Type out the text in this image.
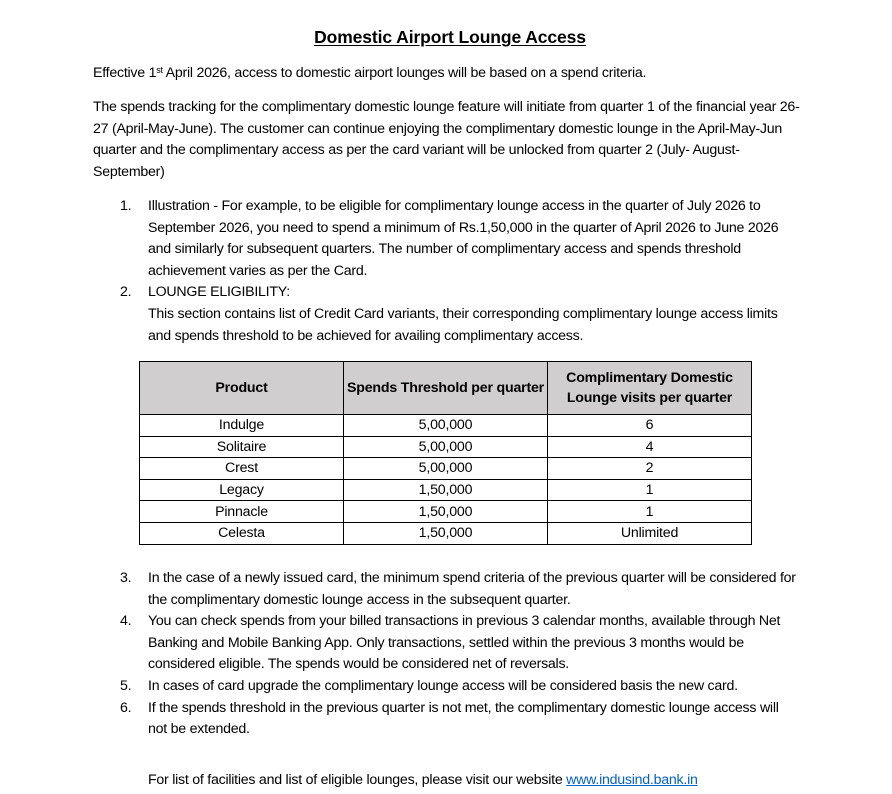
Domestic Airport Lounge Access
Effective 1st April 2026, access to domestic airport lounges will be based on a spend criteria.
The spends tracking for the complimentary domestic lounge feature will initiate from quarter 1 of the financial year 26-27 (April-May-June). The customer can continue enjoying the complimentary domestic lounge in the April-May-Jun quarter and the complimentary access as per the card variant will be unlocked from quarter 2 (July- August-September)
1. Illustration - For example, to be eligible for complimentary lounge access in the quarter of July 2026 to September 2026, you need to spend a minimum of Rs.1,50,000 in the quarter of April 2026 to June 2026 and similarly for subsequent quarters. The number of complimentary access and spends threshold achievement varies as per the Card.
2. LOUNGE ELIGIBILITY:
This section contains list of Credit Card variants, their corresponding complimentary lounge access limits and spends threshold to be achieved for availing complimentary access.
Product	Spends Threshold per quarter	Complimentary Domestic Lounge visits per quarter
Indulge	5,00,000	6
Solitaire	5,00,000	4
Crest	5,00,000	2
Legacy	1,50,000	1
Pinnacle	1,50,000	1
Celesta	1,50,000	Unlimited
3. In the case of a newly issued card, the minimum spend criteria of the previous quarter will be considered for the complimentary domestic lounge access in the subsequent quarter.
4. You can check spends from your billed transactions in previous 3 calendar months, available through Net Banking and Mobile Banking App. Only transactions, settled within the previous 3 months would be considered eligible. The spends would be considered net of reversals.
5. In cases of card upgrade the complimentary lounge access will be considered basis the new card.
6. If the spends threshold in the previous quarter is not met, the complimentary domestic lounge access will not be extended.
For list of facilities and list of eligible lounges, please visit our website www.indusind.bank.in
